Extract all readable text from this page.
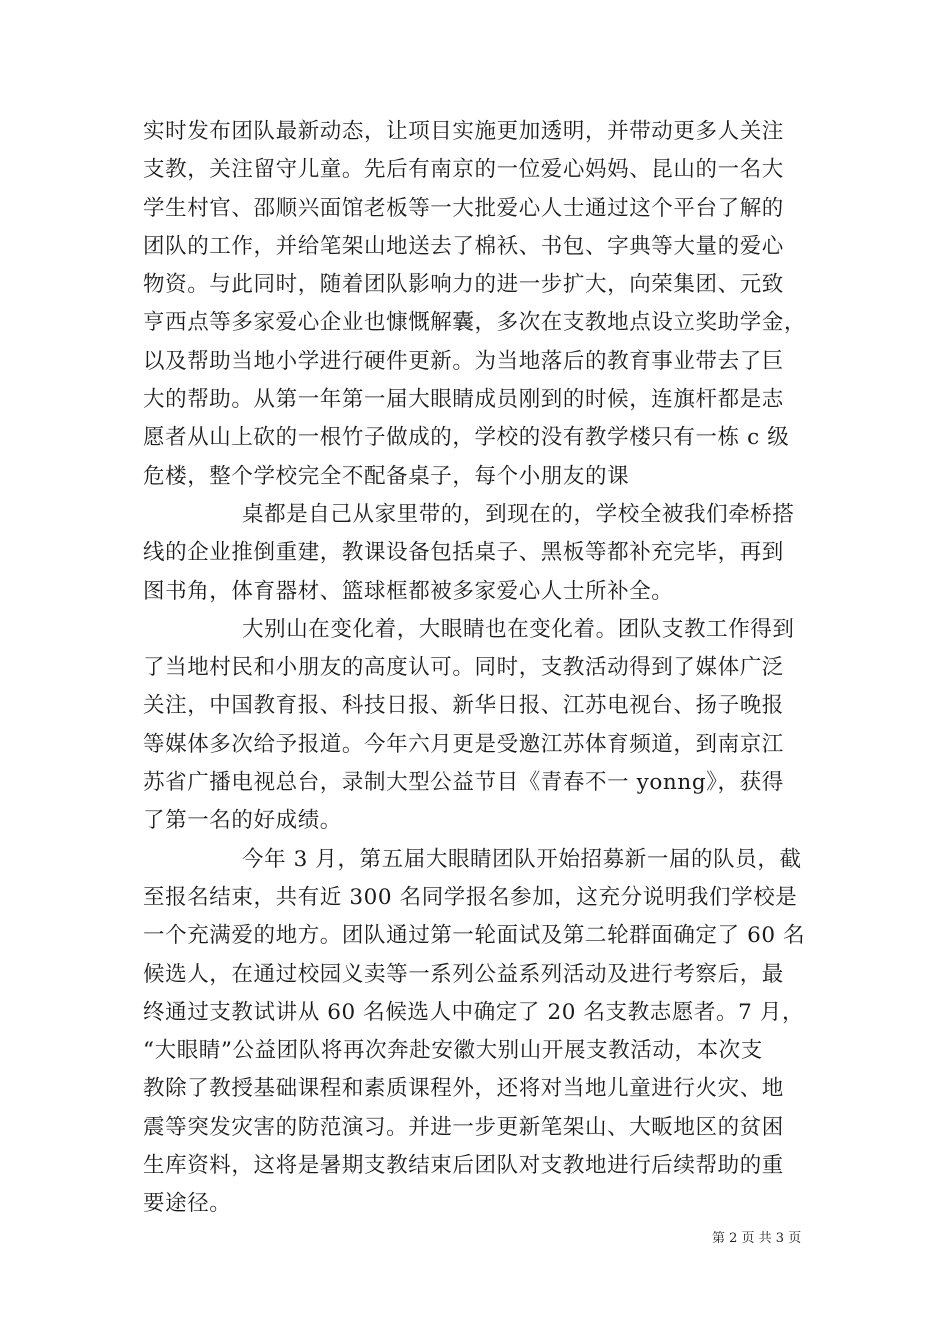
实时发布团队最新动态，让项目实施更加透明，并带动更多人关注
支教，关注留守儿童。先后有南京的一位爱心妈妈、昆山的一名大
学生村官、邵顺兴面馆老板等一大批爱心人士通过这个平台了解的
团队的工作，并给笔架山地送去了棉袄、书包、字典等大量的爱心
物资。与此同时，随着团队影响力的进一步扩大，向荣集团、元致
亨西点等多家爱心企业也慷慨解囊，多次在支教地点设立奖助学金，
以及帮助当地小学进行硬件更新。为当地落后的教育事业带去了巨
大的帮助。从第一年第一届大眼睛成员刚到的时候，连旗杆都是志
愿者从山上砍的一根竹子做成的，学校的没有教学楼只有一栋 c 级
危楼，整个学校完全不配备桌子，每个小朋友的课
桌都是自己从家里带的，到现在的，学校全被我们牵桥搭
线的企业推倒重建，教课设备包括桌子、黑板等都补充完毕，再到
图书角，体育器材、篮球框都被多家爱心人士所补全。
大别山在变化着，大眼睛也在变化着。团队支教工作得到
了当地村民和小朋友的高度认可。同时，支教活动得到了媒体广泛
关注，中国教育报、科技日报、新华日报、江苏电视台、扬子晚报
等媒体多次给予报道。今年六月更是受邀江苏体育频道，到南京江
苏省广播电视总台，录制大型公益节目《青春不一 yonng》，获得
了第一名的好成绩。
今年 3 月，第五届大眼睛团队开始招募新一届的队员，截
至报名结束，共有近 300 名同学报名参加，这充分说明我们学校是
一个充满爱的地方。团队通过第一轮面试及第二轮群面确定了 60 名
候选人，在通过校园义卖等一系列公益系列活动及进行考察后，最
终通过支教试讲从 60 名候选人中确定了 20 名支教志愿者。7 月，
“大眼睛”公益团队将再次奔赴安徽大别山开展支教活动，本次支
教除了教授基础课程和素质课程外，还将对当地儿童进行火灾、地
震等突发灾害的防范演习。并进一步更新笔架山、大畈地区的贫困
生库资料，这将是暑期支教结束后团队对支教地进行后续帮助的重
要途径。
第 2 页 共 3 页
